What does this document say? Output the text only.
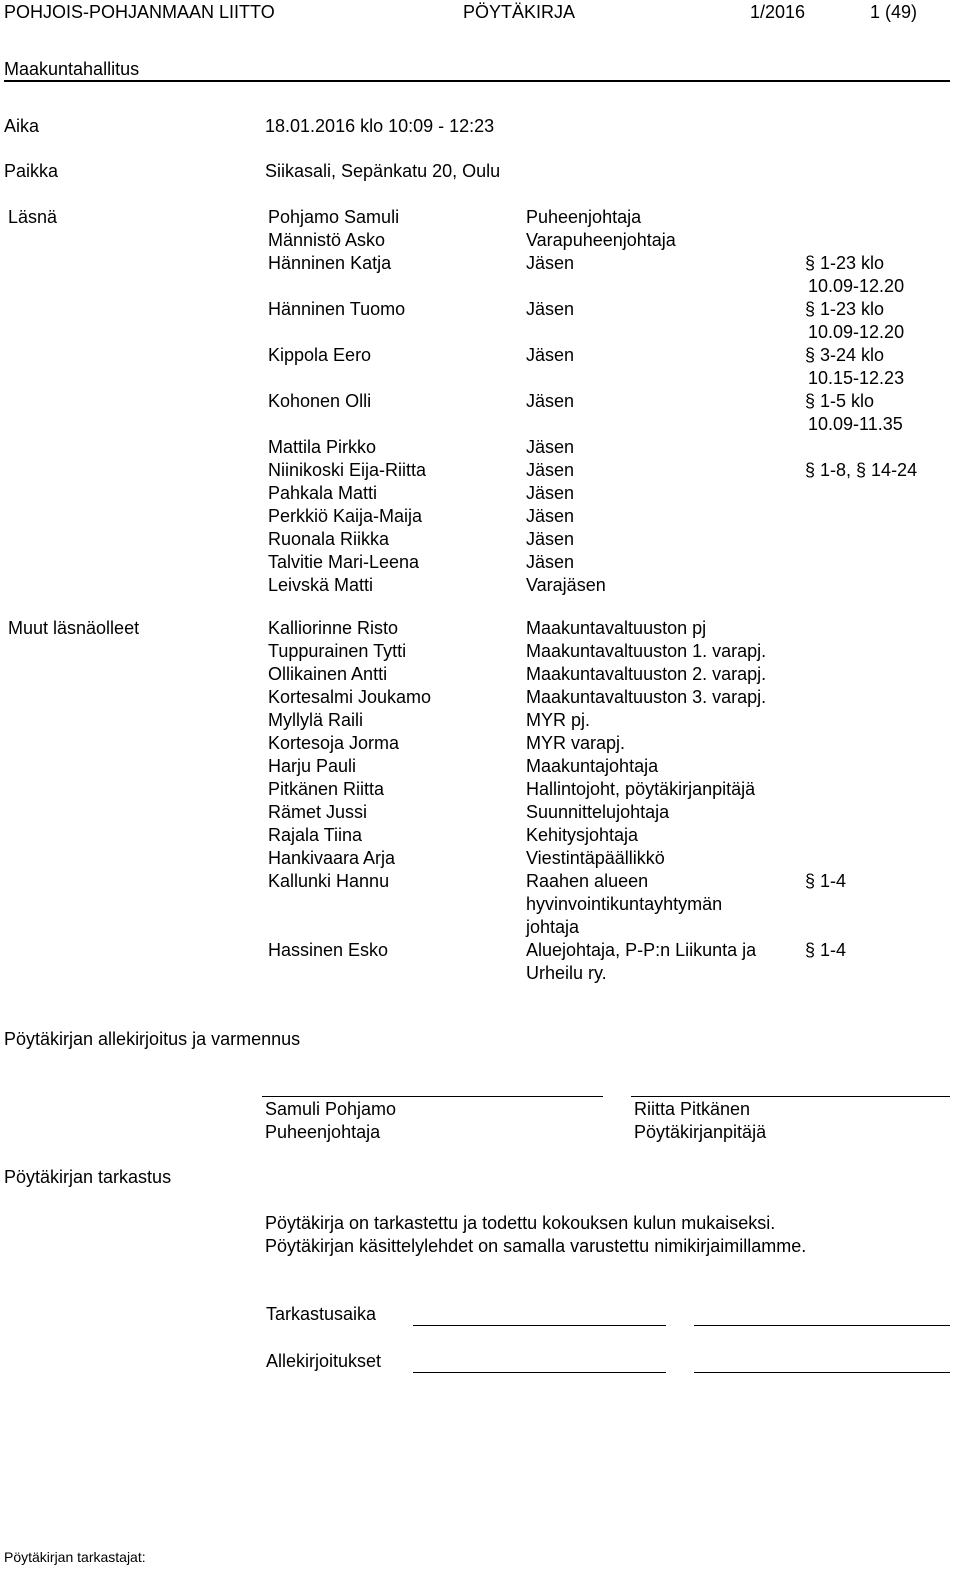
POHJOIS-POHJANMAAN LIITTO	PÖYTÄKIRJA	1/2016	1 (49)
Maakuntahallitus
Aika	18.01.2016 klo 10:09 - 12:23
Paikka	Siikasali, Sepänkatu 20, Oulu
Läsnä	Pohjamo Samuli	Puheenjohtaja
Männistö Asko	Varapuheenjohtaja
Hänninen Katja	Jäsen	§ 1-23 klo
10.09-12.20
Hänninen Tuomo	Jäsen	§ 1-23 klo
10.09-12.20
Kippola Eero	Jäsen	§ 3-24 klo
10.15-12.23
Kohonen Olli	Jäsen	§ 1-5 klo
10.09-11.35
Mattila Pirkko	Jäsen
Niinikoski Eija-Riitta	Jäsen	§ 1-8, § 14-24
Pahkala Matti	Jäsen
Perkkiö Kaija-Maija	Jäsen
Ruonala Riikka	Jäsen
Talvitie Mari-Leena	Jäsen
Leivskä Matti	Varajäsen
Muut läsnäolleet	Kalliorinne Risto	Maakuntavaltuuston pj
Tuppurainen Tytti	Maakuntavaltuuston 1. varapj.
Ollikainen Antti	Maakuntavaltuuston 2. varapj.
Kortesalmi Joukamo	Maakuntavaltuuston 3. varapj.
Myllylä Raili	MYR pj.
Kortesoja Jorma	MYR varapj.
Harju Pauli	Maakuntajohtaja
Pitkänen Riitta	Hallintojoht, pöytäkirjanpitäjä
Rämet Jussi	Suunnittelujohtaja
Rajala Tiina	Kehitysjohtaja
Hankivaara Arja	Viestintäpäällikkö
Kallunki Hannu	Raahen alueen	§ 1-4
hyvinvointikuntayhtymän
johtaja
Hassinen Esko	Aluejohtaja, P-P:n Liikunta ja	§ 1-4
Urheilu ry.
Pöytäkirjan allekirjoitus ja varmennus
Samuli Pohjamo
Puheenjohtaja
Riitta Pitkänen
Pöytäkirjanpitäjä
Pöytäkirjan tarkastus
Pöytäkirja on tarkastettu ja todettu kokouksen kulun mukaiseksi.
Pöytäkirjan käsittelylehdet on samalla varustettu nimikirjaimillamme.
Tarkastusaika
Allekirjoitukset
Pöytäkirjan tarkastajat:
